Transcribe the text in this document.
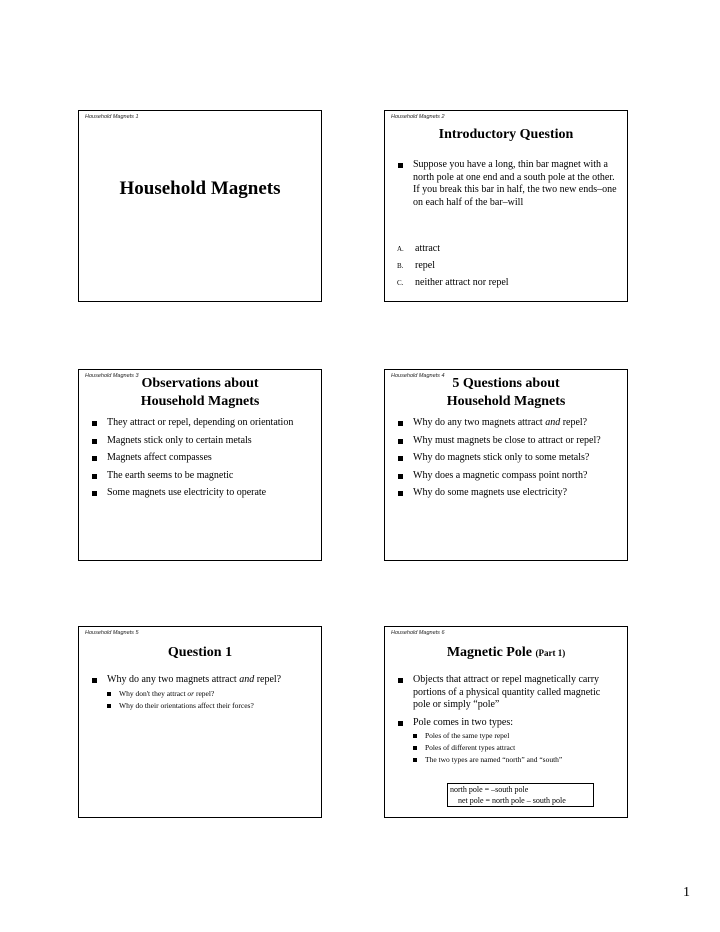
Household Magnets 1
Household Magnets
Household Magnets 2
Introductory Question
Suppose you have a long, thin bar magnet with a north pole at one end and a south pole at the other. If you break this bar in half, the two new ends–one on each half of the bar–will
A. attract
B. repel
C. neither attract nor repel
Household Magnets 3 Observations about
Household Magnets
They attract or repel, depending on orientation
Magnets stick only to certain metals
Magnets affect compasses
The earth seems to be magnetic
Some magnets use electricity to operate
Household Magnets 4 5 Questions about
Household Magnets
Why do any two magnets attract and repel?
Why must magnets be close to attract or repel?
Why do magnets stick only to some metals?
Why does a magnetic compass point north?
Why do some magnets use electricity?
Household Magnets 5
Question 1
Why do any two magnets attract and repel?
Why don't they attract or repel?
Why do their orientations affect their forces?
Household Magnets 6
Magnetic Pole (Part 1)
Objects that attract or repel magnetically carry portions of a physical quantity called magnetic pole or simply “pole”
Pole comes in two types:
Poles of the same type repel
Poles of different types attract
The two types are named “north” and “south”
north pole = –south pole
net pole = north pole – south pole
1
